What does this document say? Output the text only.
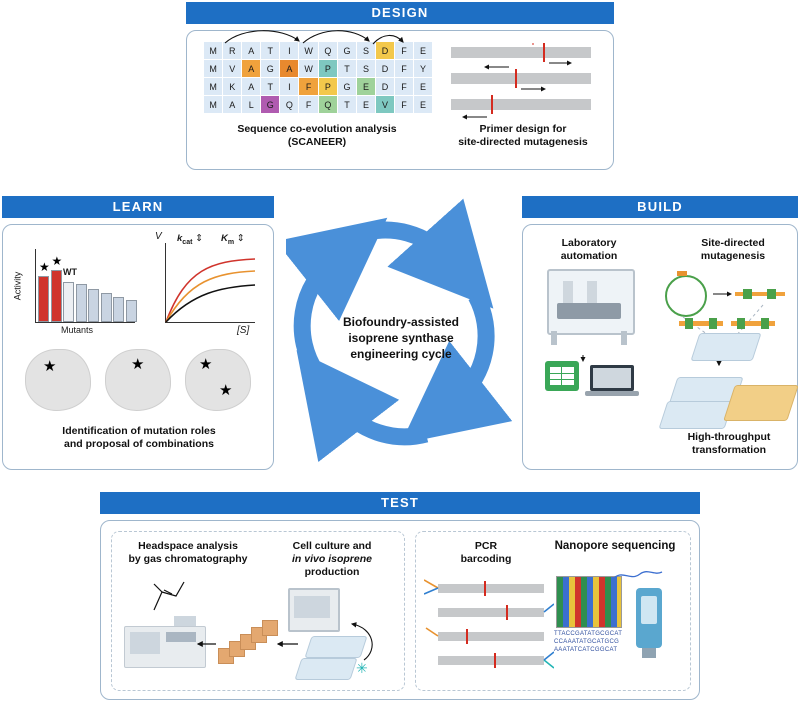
DESIGN
M	R	A	T	I	W	Q	G	S	D	F	E
M	V	A	G	A	W	P	T	S	D	F	Y
M	K	A	T	I	F	P	G	E	D	F	E
M	A	L	G	Q	F	Q	T	E	V	F	E
Sequence co-evolution analysis
(SCANEER)
Primer design for
site-directed mutagenesis
LEARN
Activity
Mutants
★ ★
WT
V
[S]
$k_{cat}$ ⇕ $K_m$ ⇕
★	★	★
★
Identification of mutation roles
and proposal of combinations
BUILD
Laboratory
automation
Site-directed
mutagenesis
High-throughput
transformation
Biofoundry-assisted
isoprene synthase
engineering cycle
TEST
Headspace analysis
by gas chromatography
Cell culture and
in vivo isoprene
production
✳
PCR
barcoding
Nanopore sequencing
TTACCGATATGCGCAT
CCAAATATGCATGCG
AAATATCATCGGCAT
